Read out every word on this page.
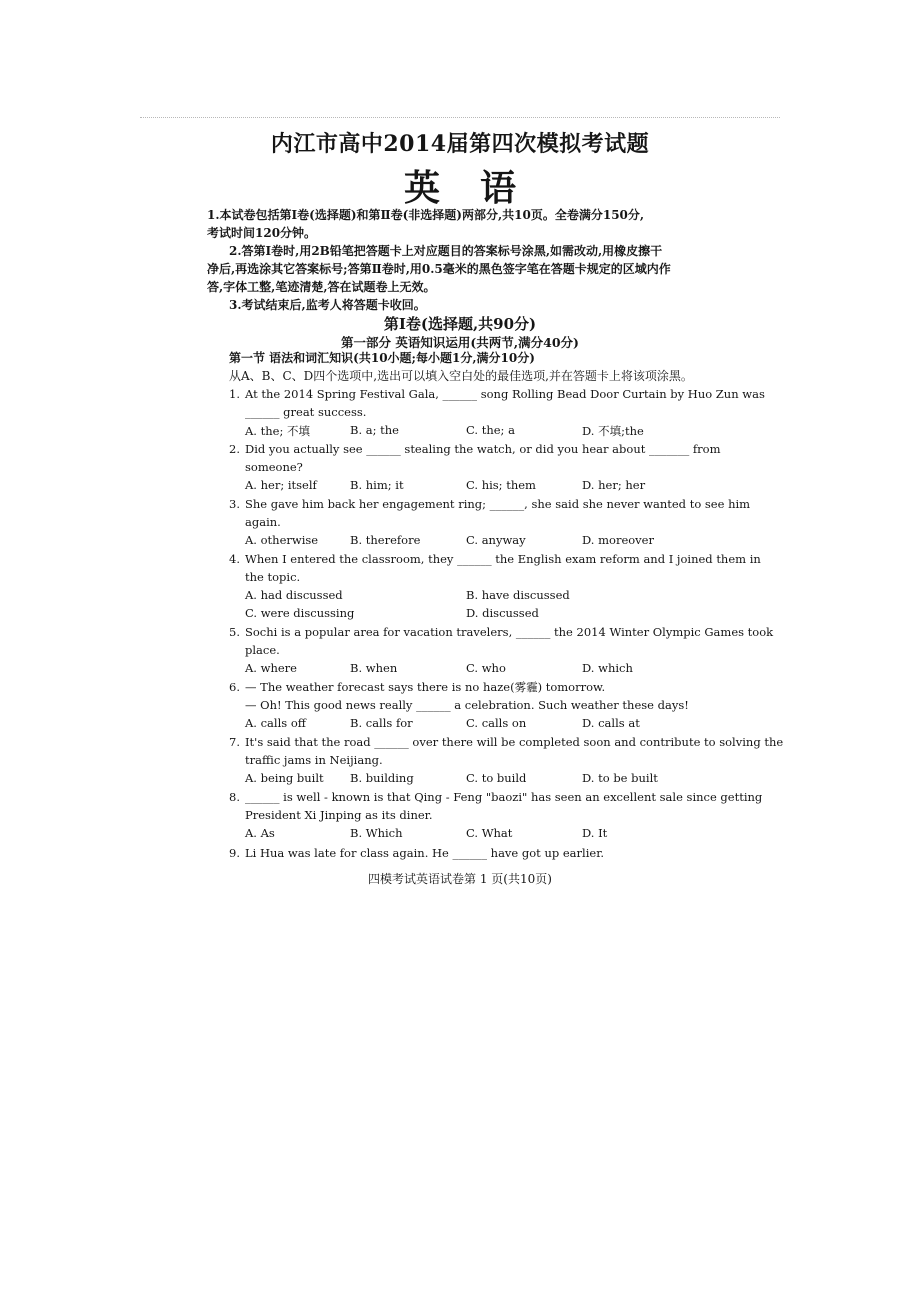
内江市高中2014届第四次模拟考试题
英语
1.本试卷包括第Ⅰ卷(选择题)和第Ⅱ卷(非选择题)两部分,共10页。全卷满分150分,
考试时间120分钟。
2.答第Ⅰ卷时,用2B铅笔把答题卡上对应题目的答案标号涂黑,如需改动,用橡皮擦干
净后,再选涂其它答案标号;答第Ⅱ卷时,用0.5毫米的黑色签字笔在答题卡规定的区域内作
答,字体工整,笔迹清楚,答在试题卷上无效。
3.考试结束后,监考人将答题卡收回。
第Ⅰ卷(选择题,共90分)
第一部分 英语知识运用(共两节,满分40分)
第一节 语法和词汇知识(共10小题;每小题1分,满分10分)
从A、B、C、D四个选项中,选出可以填入空白处的最佳选项,并在答题卡上将该项涂黑。
1. At the 2014 Spring Festival Gala, ______ song Rolling Bead Door Curtain by Huo Zun was
______ great success.
A. the; 不填	B. a; the	C. the; a	D. 不填;the
2. Did you actually see ______ stealing the watch, or did you hear about _______ from
someone?
A. her; itself	B. him; it	C. his; them	D. her; her
3. She gave him back her engagement ring; ______, she said she never wanted to see him
again.
A. otherwise	B. therefore	C. anyway	D. moreover
4. When I entered the classroom, they ______ the English exam reform and I joined them in
the topic.
A. had discussed	B. have discussed
C. were discussing	D. discussed
5. Sochi is a popular area for vacation travelers, ______ the 2014 Winter Olympic Games took
place.
A. where	B. when	C. who	D. which
6. — The weather forecast says there is no haze(雾霾) tomorrow.
— Oh! This good news really ______ a celebration. Such weather these days!
A. calls off	B. calls for	C. calls on	D. calls at
7. It's said that the road ______ over there will be completed soon and contribute to solving the
traffic jams in Neijiang.
A. being built B. building	C. to build	D. to be built
8. ______ is well - known is that Qing - Feng "baozi" has seen an excellent sale since getting
President Xi Jinping as its diner.
A. As	B. Which	C. What	D. It
9. Li Hua was late for class again. He ______ have got up earlier.
四模考试英语试卷第 1 页(共10页)
